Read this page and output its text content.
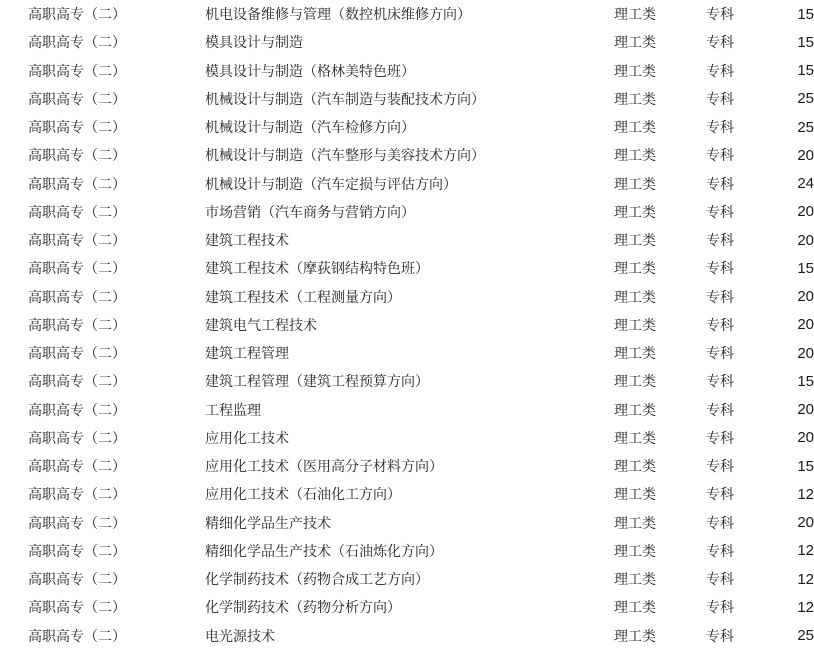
高职高专（二）	机电设备维修与管理（数控机床维修方向）	理工类	专科	15
高职高专（二）	模具设计与制造	理工类	专科	15
高职高专（二）	模具设计与制造（格林美特色班）	理工类	专科	15
高职高专（二）	机械设计与制造（汽车制造与装配技术方向）	理工类	专科	25
高职高专（二）	机械设计与制造（汽车检修方向）	理工类	专科	25
高职高专（二）	机械设计与制造（汽车整形与美容技术方向）	理工类	专科	20
高职高专（二）	机械设计与制造（汽车定损与评估方向）	理工类	专科	24
高职高专（二）	市场营销（汽车商务与营销方向）	理工类	专科	20
高职高专（二）	建筑工程技术	理工类	专科	20
高职高专（二）	建筑工程技术（摩荻钢结构特色班）	理工类	专科	15
高职高专（二）	建筑工程技术（工程测量方向）	理工类	专科	20
高职高专（二）	建筑电气工程技术	理工类	专科	20
高职高专（二）	建筑工程管理	理工类	专科	20
高职高专（二）	建筑工程管理（建筑工程预算方向）	理工类	专科	15
高职高专（二）	工程监理	理工类	专科	20
高职高专（二）	应用化工技术	理工类	专科	20
高职高专（二）	应用化工技术（医用高分子材料方向）	理工类	专科	15
高职高专（二）	应用化工技术（石油化工方向）	理工类	专科	12
高职高专（二）	精细化学品生产技术	理工类	专科	20
高职高专（二）	精细化学品生产技术（石油炼化方向）	理工类	专科	12
高职高专（二）	化学制药技术（药物合成工艺方向）	理工类	专科	12
高职高专（二）	化学制药技术（药物分析方向）	理工类	专科	12
高职高专（二）	电光源技术	理工类	专科	25
